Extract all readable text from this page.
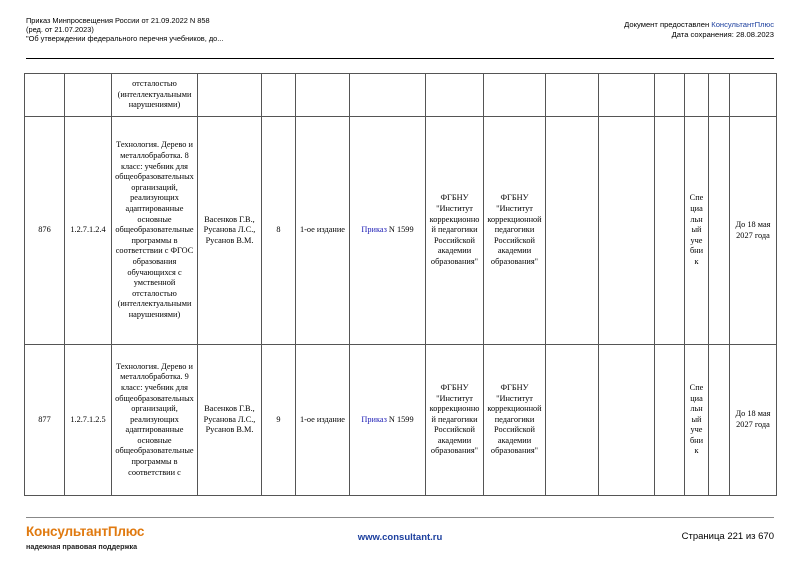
Приказ Минпросвещения России от 21.09.2022 N 858
(ред. от 21.07.2023)
"Об утверждении федерального перечня учебников, до...
Документ предоставлен КонсультантПлюс
Дата сохранения: 28.08.2023
		отсталостью (интеллектуальными нарушениями)												
876	1.2.7.1.2.4	Технология. Дерево и металлобработка. 8 класс: учебник для общеобразовательных организаций, реализующих адаптированные основные общеобразовательные программы в соответствии с ФГОС образования обучающихся с умственной отсталостью (интеллектуальными нарушениями)	Васенков Г.В., Русанова Л.С., Русанов В.М.	8	1-ое издание	Приказ N 1599	ФГБНУ "Институт коррекционной педагогики Российской академии образования"	ФГБНУ "Институт коррекционной педагогики Российской академии образования"				Специальный учебник		До 18 мая 2027 года
877	1.2.7.1.2.5	Технология. Дерево и металлобработка. 9 класс: учебник для общеобразовательных организаций, реализующих адаптированные основные общеобразовательные программы в соответствии с	Васенков Г.В., Русанова Л.С., Русанов В.М.	9	1-ое издание	Приказ N 1599	ФГБНУ "Институт коррекционной педагогики Российской академии образования"	ФГБНУ "Институт коррекционной педагогики Российской академии образования"				Специальный учебник		До 18 мая 2027 года
КонсультантПлюс
надежная правовая поддержка
www.consultant.ru	Страница 221 из 670
